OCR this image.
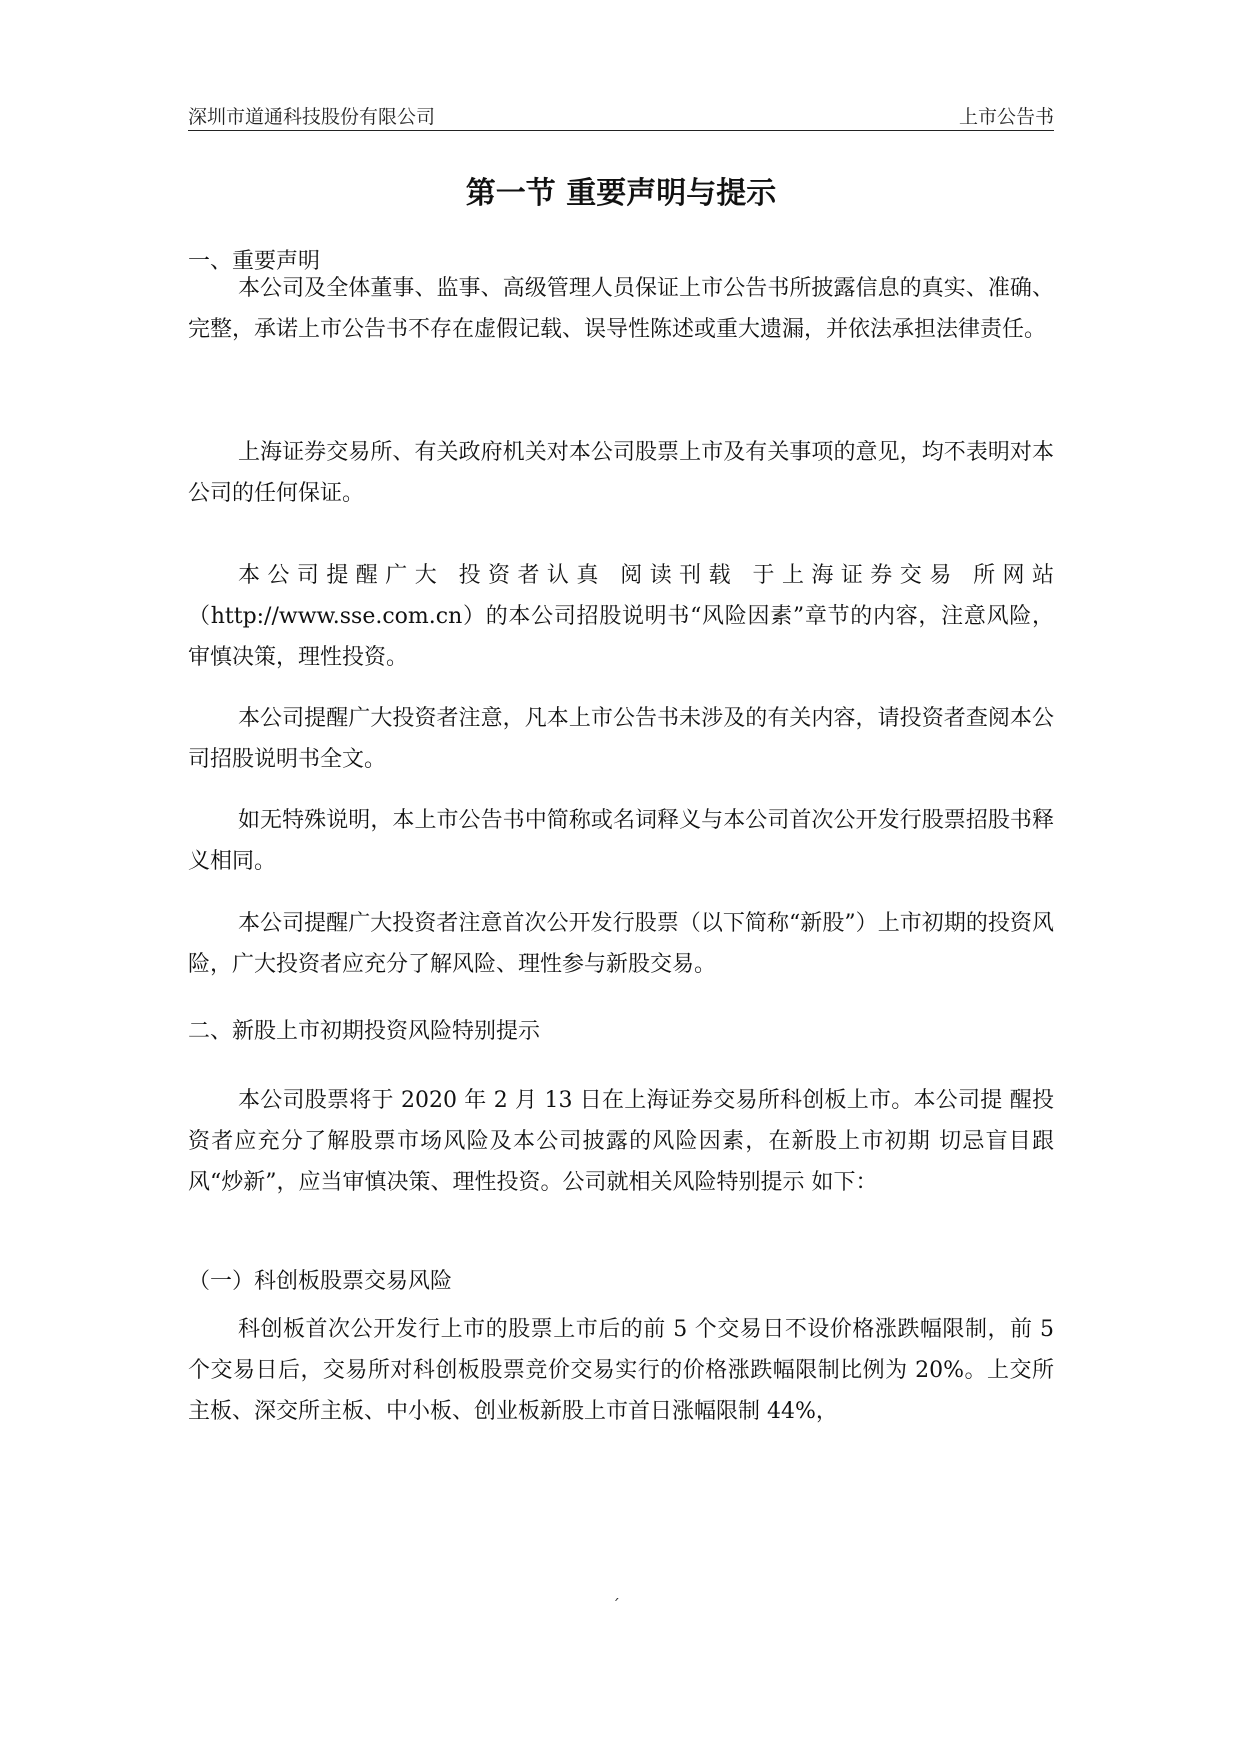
深圳市道通科技股份有限公司	上市公告书
第一节 重要声明与提示
一、重要声明

本公司及全体董事、监事、高级管理人员保证上市公告书所披露信息的真实、准确、完整，承诺上市公告书不存在虚假记载、误导性陈述或重大遗漏，并依法承担法律责任。

上海证券交易所、有关政府机关对本公司股票上市及有关事项的意见，均不表明对本公司的任何保证。

本公司提醒广大 投资者认真 阅读刊载 于上海证券交易 所网站（http://www.sse.com.cn）的本公司招股说明书“风险因素”章节的内容，注意风险，审慎决策，理性投资。

本公司提醒广大投资者注意，凡本上市公告书未涉及的有关内容，请投资者查阅本公司招股说明书全文。

如无特殊说明，本上市公告书中简称或名词释义与本公司首次公开发行股票招股书释义相同。

本公司提醒广大投资者注意首次公开发行股票（以下简称“新股”）上市初期的投资风险，广大投资者应充分了解风险、理性参与新股交易。

二、新股上市初期投资风险特别提示

本公司股票将于 2020 年 2 月 13 日在上海证券交易所科创板上市。本公司提 醒投资者应充分了解股票市场风险及本公司披露的风险因素，在新股上市初期 切忌盲目跟风“炒新”，应当审慎决策、理性投资。公司就相关风险特别提示 如下：

（一）科创板股票交易风险

科创板首次公开发行上市的股票上市后的前 5 个交易日不设价格涨跌幅限制，前 5 个交易日后，交易所对科创板股票竞价交易实行的价格涨跌幅限制比例为 20%。上交所主板、深交所主板、中小板、创业板新股上市首日涨幅限制 44%，

´
